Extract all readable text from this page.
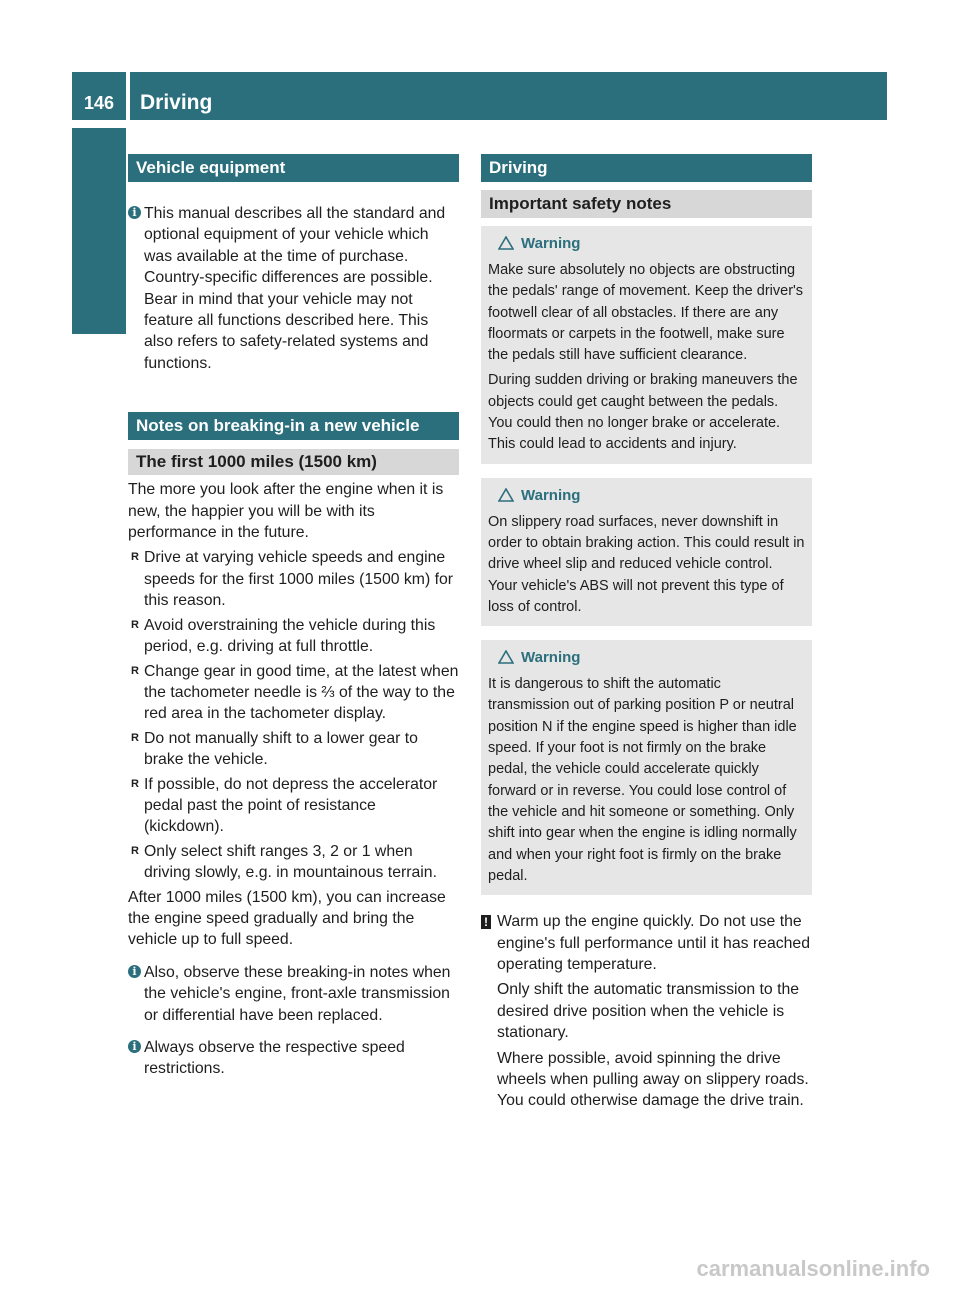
146	Driving
Driving and parking	Vehicle equipment
i This manual describes all the standard and optional equipment of your vehicle which was available at the time of purchase. Country-specific differences are possible. Bear in mind that your vehicle may not feature all functions described here. This also refers to safety-related systems and functions.

Notes on breaking-in a new vehicle
The first 1000 miles (1500 km)

The more you look after the engine when it is new, the happier you will be with its performance in the future.

R Drive at varying vehicle speeds and engine speeds for the first 1000 miles (1500 km) for this reason.
R Avoid overstraining the vehicle during this period, e.g. driving at full throttle.
R Change gear in good time, at the latest when the tachometer needle is ⅔ of the way to the red area in the tachometer display.
R Do not manually shift to a lower gear to brake the vehicle.
R If possible, do not depress the accelerator pedal past the point of resistance (kickdown).
R Only select shift ranges 3, 2 or 1 when driving slowly, e.g. in mountainous terrain.

After 1000 miles (1500 km), you can increase the engine speed gradually and bring the vehicle up to full speed.

i Also, observe these breaking-in notes when the vehicle's engine, front-axle transmission or differential have been replaced.

i Always observe the respective speed restrictions.

Driving
Important safety notes
Warning

Make sure absolutely no objects are obstructing the pedals' range of movement. Keep the driver's footwell clear of all obstacles. If there are any floormats or carpets in the footwell, make sure the pedals still have sufficient clearance.

During sudden driving or braking maneuvers the objects could get caught between the pedals. You could then no longer brake or accelerate. This could lead to accidents and injury.

Warning

On slippery road surfaces, never downshift in order to obtain braking action. This could result in drive wheel slip and reduced vehicle control. Your vehicle's ABS will not prevent this type of loss of control.

Warning

It is dangerous to shift the automatic transmission out of parking position P or neutral position N if the engine speed is higher than idle speed. If your foot is not firmly on the brake pedal, the vehicle could accelerate quickly forward or in reverse. You could lose control of the vehicle and hit someone or something. Only shift into gear when the engine is idling normally and when your right foot is firmly on the brake pedal.

! Warm up the engine quickly. Do not use the engine's full performance until it has reached operating temperature.

Only shift the automatic transmission to the desired drive position when the vehicle is stationary.

Where possible, avoid spinning the drive wheels when pulling away on slippery roads. You could otherwise damage the drive train.

carmanualsonline.info
